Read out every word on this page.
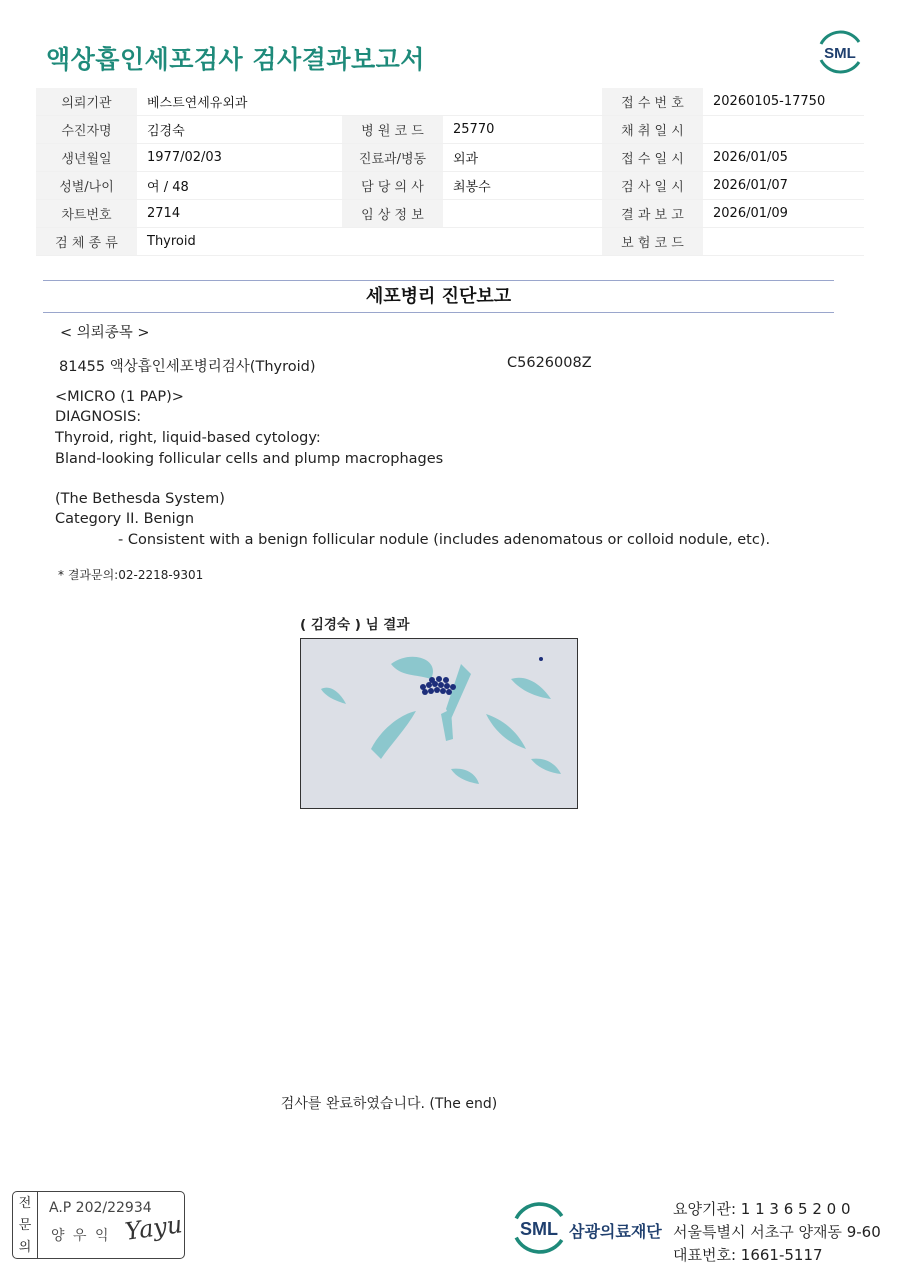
액상흡인세포검사 검사결과보고서	SML
의뢰기관	베스트연세유외과			접 수 번 호	20260105-17750
수진자명	김경숙	병 원 코 드	25770	채 취 일 시	
생년월일	1977/02/03	진료과/병동	외과	접 수 일 시	2026/01/05
성별/나이	여 / 48	담 당 의 사	최봉수	검 사 일 시	2026/01/07
차트번호	2714	임 상 정 보		결 과 보 고	2026/01/09
검 체 종 류	Thyroid			보 험 코 드	
세포병리 진단보고
< 의뢰종목 >
81455 액상흡인세포병리검사(Thyroid)	C5626008Z
<MICRO (1 PAP)>
DIAGNOSIS:
Thyroid, right, liquid-based cytology:
Bland-looking follicular cells and plump macrophages
(The Bethesda System)
Category II. Benign
- Consistent with a benign follicular nodule (includes adenomatous or colloid nodule, etc).
* 결과문의:02-2218-9301
( 김경숙 ) 님 결과
검사를 완료하였습니다. (The end)
전
문
의
A.P 202/22934
양 우 익 Yayu	SML 삼광의료재단
요양기관: 1 1 3 6 5 2 0 0
서울특별시 서초구 양재동 9-60
대표번호: 1661-5117
